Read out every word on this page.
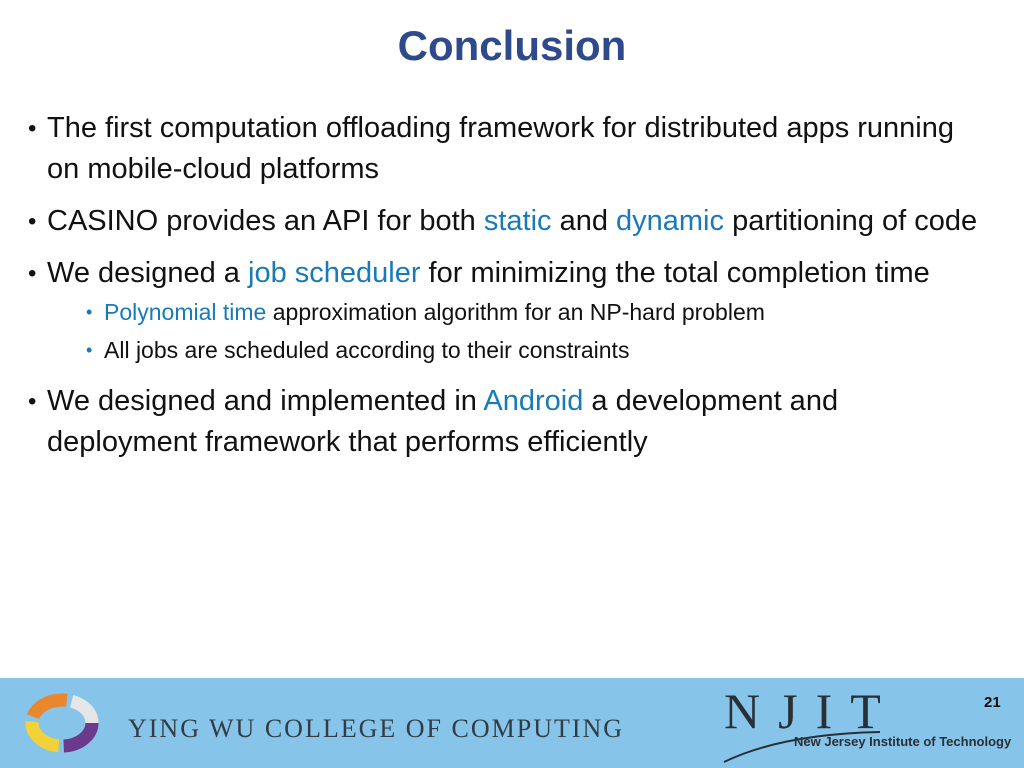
Conclusion
• The first computation offloading framework for distributed apps running on mobile-cloud platforms
• CASINO provides an API for both static and dynamic partitioning of code
• We designed a job scheduler for minimizing the total completion time
• Polynomial time approximation algorithm for an NP-hard problem
• All jobs are scheduled according to their constraints
• We designed and implemented in Android a development and deployment framework that performs efficiently
YING WU COLLEGE OF COMPUTING NJIT
New Jersey Institute of Technology
21
